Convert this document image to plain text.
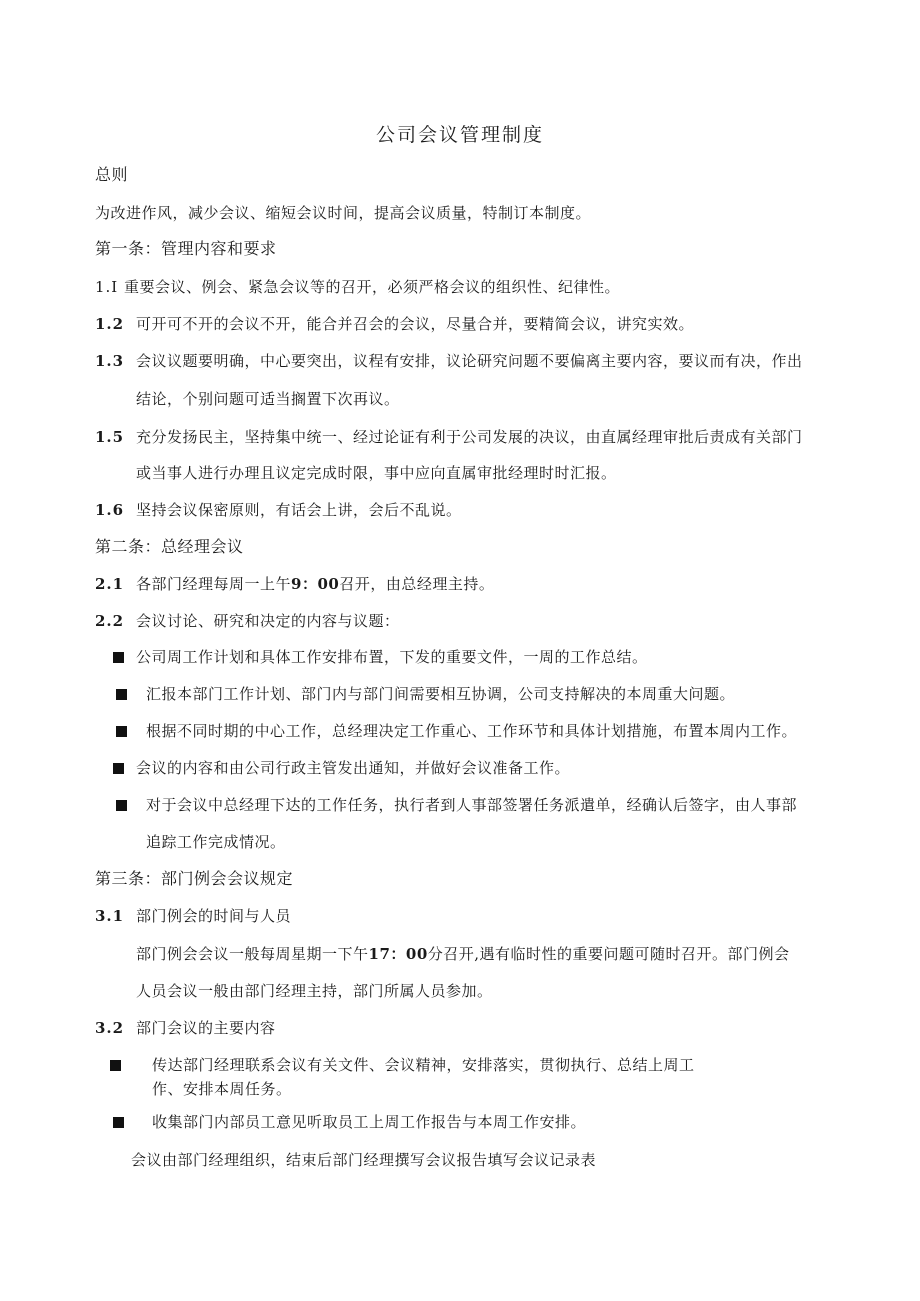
公司会议管理制度
总则
为改进作风，减少会议、缩短会议时间，提高会议质量，特制订本制度。
第一条：管理内容和要求
1.Ⅰ 重要会议、例会、紧急会议等的召开，必须严格会议的组织性、纪律性。
1.2 可开可不开的会议不开，能合并召会的会议，尽量合并，要精简会议，讲究实效。
1.3 会议议题要明确，中心要突出，议程有安排，议论研究问题不要偏离主要内容，要议而有决，作出
结论，个别问题可适当搁置下次再议。
1.5 充分发扬民主，坚持集中统一、经过论证有利于公司发展的决议，由直属经理审批后责成有关部门
或当事人进行办理且议定完成时限，事中应向直属审批经理时时汇报。
1.6 坚持会议保密原则，有话会上讲，会后不乱说。
第二条：总经理会议
2.1 各部门经理每周一上午9：00召开，由总经理主持。
2.2 会议讨论、研究和决定的内容与议题：
公司周工作计划和具体工作安排布置，下发的重要文件，一周的工作总结。
汇报本部门工作计划、部门内与部门间需要相互协调，公司支持解决的本周重大问题。
根据不同时期的中心工作，总经理决定工作重心、工作环节和具体计划措施，布置本周内工作。
会议的内容和由公司行政主管发出通知，并做好会议准备工作。
对于会议中总经理下达的工作任务，执行者到人事部签署任务派遣单，经确认后签字，由人事部
追踪工作完成情况。
第三条：部门例会会议规定
3.1 部门例会的时间与人员
部门例会会议一般每周星期一下午17：00分召开,遇有临时性的重要问题可随时召开。部门例会
人员会议一般由部门经理主持，部门所属人员参加。
3.2 部门会议的主要内容
传达部门经理联系会议有关文件、会议精神，安排落实，贯彻执行、总结上周工
作、安排本周任务。
收集部门内部员工意见听取员工上周工作报告与本周工作安排。
会议由部门经理组织，结束后部门经理撰写会议报告填写会议记录表
